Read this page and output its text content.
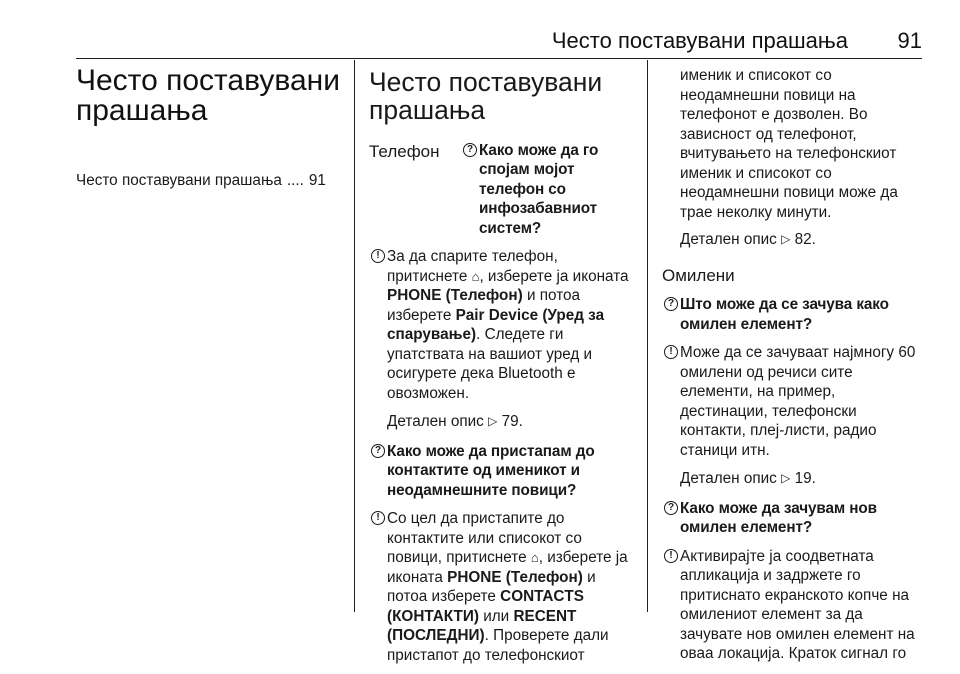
Често поставувани прашања 91
Често поставувани
прашања
Често поставувани прашања .... 91
Често поставувани
прашања
Телефон	? Како може да го спојам мојот телефон со инфозабавниот систем?
! За да спарите телефон, притиснете ⌂, изберете ја иконата PHONE (Телефон) и потоа изберете Pair Device (Уред за спарување). Следете ги упатствата на вашиот уред и осигурете дека Bluetooth е овозможен.
Детален опис ▷ 79.
? Како може да пристапам до контактите од именикот и неодамнешните повици?
! Со цел да пристапите до контактите или списокот со повици, притиснете ⌂, изберете ја иконата PHONE (Телефон) и потоа изберете CONTACTS (КОНТАКТИ) или RECENT (ПОСЛЕДНИ). Проверете дали пристапот до телефонскиот
именик и списокот со неодамнешни повици на телефонот е дозволен. Во зависност од телефонот, вчитувањето на телефонскиот именик и списокот со неодамнешни повици може да трае неколку минути.
Детален опис ▷ 82.
Омилени
? Што може да се зачува како омилен елемент?
! Може да се зачуваат најмногу 60 омилени од речиси сите елементи, на пример, дестинации, телефонски контакти, плеј-листи, радио станици итн.
Детален опис ▷ 19.
? Како може да зачувам нов омилен елемент?
! Активирајте ја соодветната апликација и задржете го притиснато екранското копче на омилениот елемент за да зачувате нов омилен елемент на оваа локација. Краток сигнал го
